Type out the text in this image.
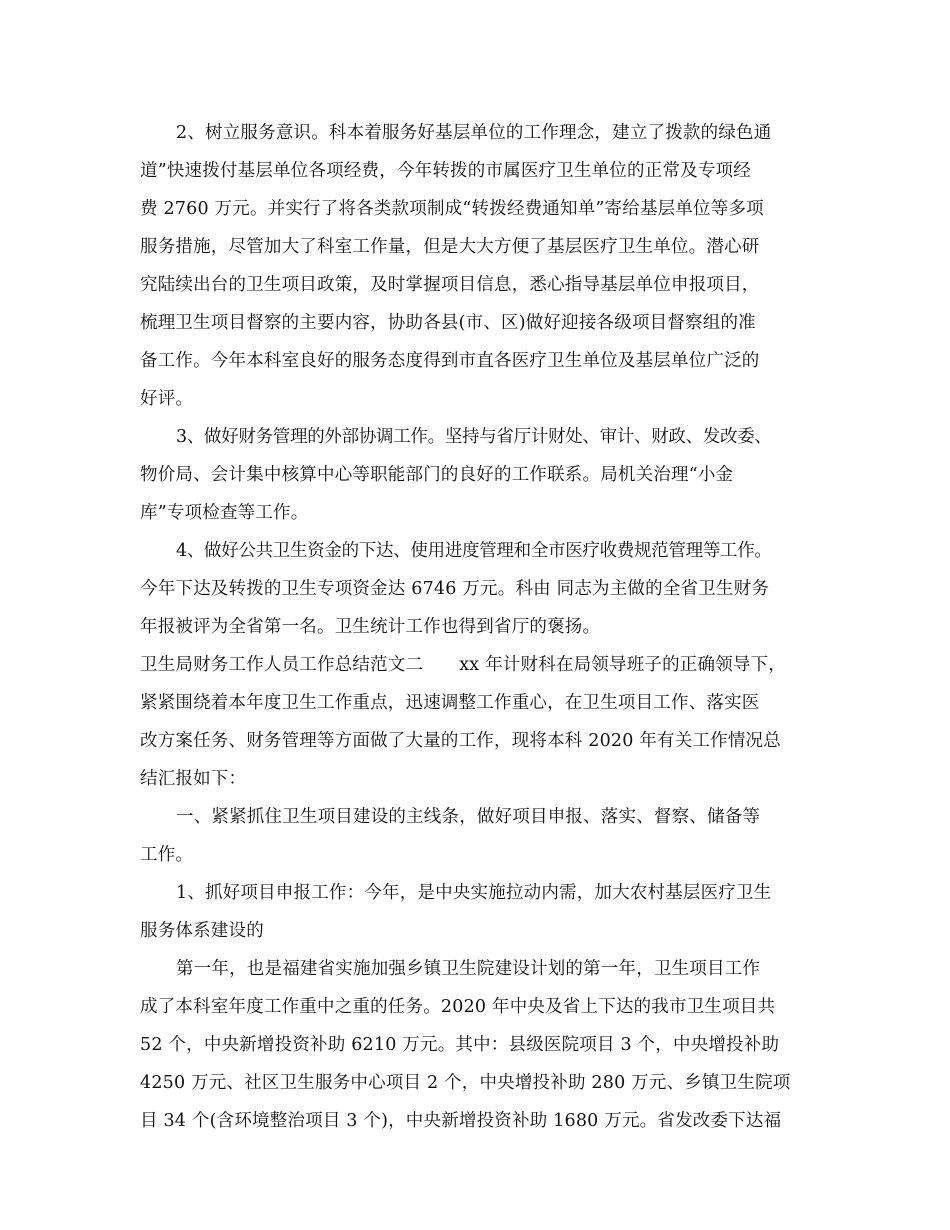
2、树立服务意识。科本着服务好基层单位的工作理念，建立了拨款的绿色通
道”快速拨付基层单位各项经费，今年转拨的市属医疗卫生单位的正常及专项经
费 2760 万元。并实行了将各类款项制成“转拨经费通知单”寄给基层单位等多项
服务措施，尽管加大了科室工作量，但是大大方便了基层医疗卫生单位。潜心研
究陆续出台的卫生项目政策，及时掌握项目信息，悉心指导基层单位申报项目，
梳理卫生项目督察的主要内容，协助各县(市、区)做好迎接各级项目督察组的准
备工作。今年本科室良好的服务态度得到市直各医疗卫生单位及基层单位广泛的
好评。
3、做好财务管理的外部协调工作。坚持与省厅计财处、审计、财政、发改委、
物价局、会计集中核算中心等职能部门的良好的工作联系。局机关治理“小金
库”专项检查等工作。
4、做好公共卫生资金的下达、使用进度管理和全市医疗收费规范管理等工作。
今年下达及转拨的卫生专项资金达 6746 万元。科由 同志为主做的全省卫生财务
年报被评为全省第一名。卫生统计工作也得到省厅的褒扬。
卫生局财务工作人员工作总结范文二 xx 年计财科在局领导班子的正确领导下，
紧紧围绕着本年度卫生工作重点，迅速调整工作重心，在卫生项目工作、落实医
改方案任务、财务管理等方面做了大量的工作，现将本科 2020 年有关工作情况总
结汇报如下：
一、紧紧抓住卫生项目建设的主线条，做好项目申报、落实、督察、储备等
工作。
1、抓好项目申报工作：今年，是中央实施拉动内需，加大农村基层医疗卫生
服务体系建设的
第一年，也是福建省实施加强乡镇卫生院建设计划的第一年，卫生项目工作
成了本科室年度工作重中之重的任务。2020 年中央及省上下达的我市卫生项目共
52 个，中央新增投资补助 6210 万元。其中：县级医院项目 3 个，中央增投补助
4250 万元、社区卫生服务中心项目 2 个，中央增投补助 280 万元、乡镇卫生院项
目 34 个(含环境整治项目 3 个)，中央新增投资补助 1680 万元。省发改委下达福
